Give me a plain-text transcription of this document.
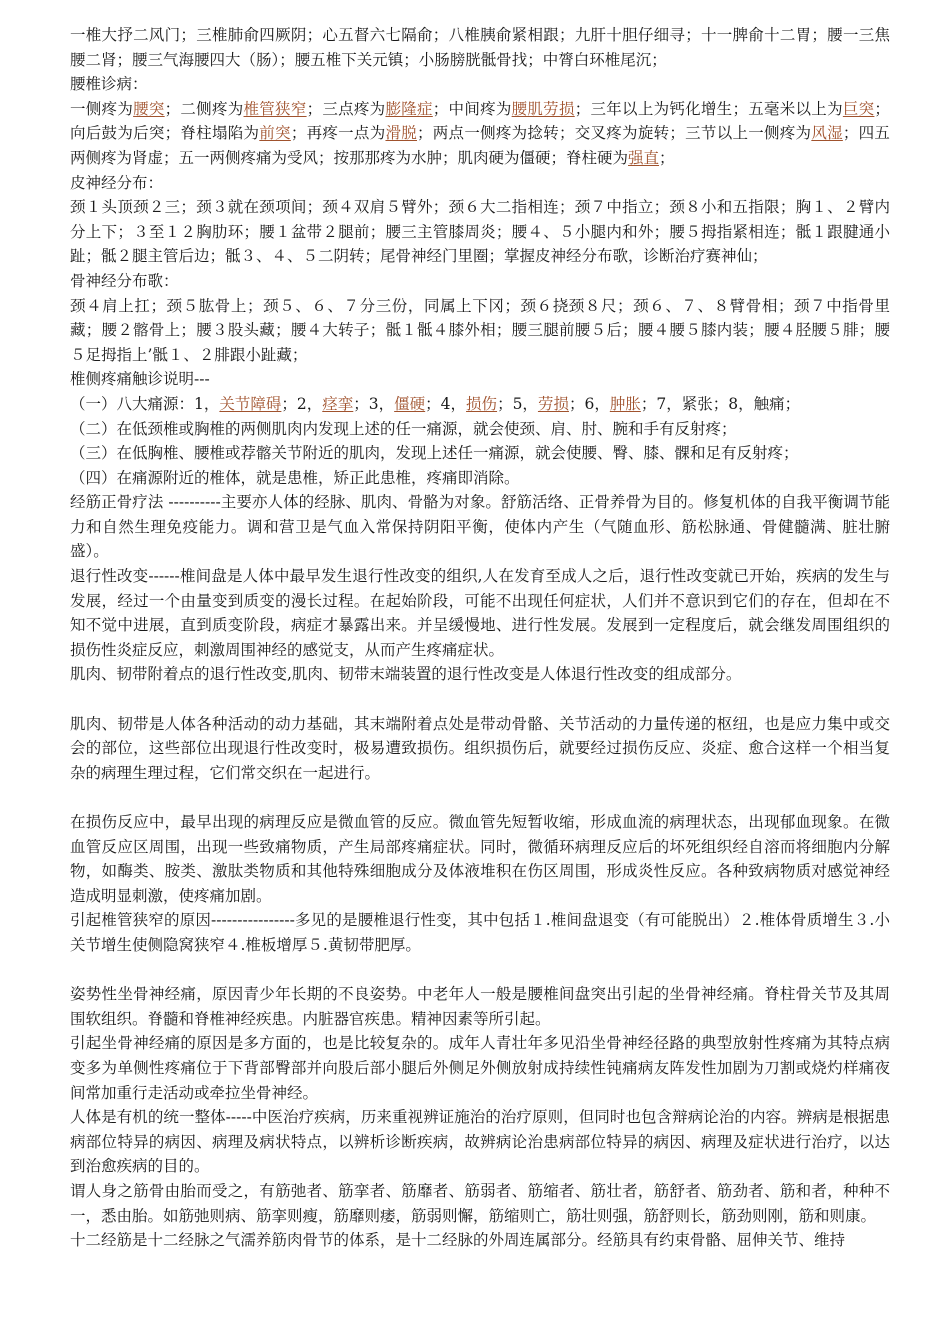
一椎大抒二风门；三椎肺俞四厥阴；心五督六七隔俞；八椎胰俞紧相跟；九肝十胆仔细寻；十一脾俞十二胃；腰一三焦腰二肾；腰三气海腰四大（肠）；腰五椎下关元镇；小肠膀胱骶骨找；中膂白环椎尾沉；

腰椎诊病：

一侧疼为腰突；二侧疼为椎管狭窄；三点疼为膨隆症；中间疼为腰肌劳损；三年以上为钙化增生；五毫米以上为巨突；向后鼓为后突；脊柱塌陷为前突；再疼一点为滑脱；两点一侧疼为捻转；交叉疼为旋转；三节以上一侧疼为风湿；四五两侧疼为肾虚；五一两侧疼痛为受风；按那那疼为水肿；肌肉硬为僵硬；脊柱硬为强直；

皮神经分布：

颈１头顶颈２三；颈３就在颈项间；颈４双肩５臂外；颈６大二指相连；颈７中指立；颈８小和五指限；胸１、２臂内分上下；３至１２胸肋环；腰１盆带２腿前；腰三主管膝周炎；腰４、５小腿内和外；腰５拇指紧相连；骶１跟腱通小趾；骶２腿主管后边；骶３、４、５二阴转；尾骨神经门里圈；掌握皮神经分布歌，诊断治疗赛神仙；

骨神经分布歌：

颈４肩上扛；颈５肱骨上；颈５、６、７分三份，同属上下冈；颈６挠颈８尺；颈６、７、８臂骨相；颈７中指骨里藏；腰２髂骨上；腰３股头藏；腰４大转子；骶１骶４膝外相；腰三腿前腰５后；腰４腰５膝内装；腰４胫腰５腓；腰５足拇指上’骶１、２腓跟小趾藏；

椎侧疼痛触诊说明---

（一）八大痛源：1，关节障碍；2，痉挛；3，僵硬；4，损伤；5，劳损；6，肿胀；7，紧张；8，触痛；

（二）在低颈椎或胸椎的两侧肌肉内发现上述的任一痛源，就会使颈、肩、肘、腕和手有反射疼；

（三）在低胸椎、腰椎或荐髂关节附近的肌肉，发现上述任一痛源，就会使腰、臀、膝、髁和足有反射疼；

（四）在痛源附近的椎体，就是患椎，矫正此患椎，疼痛即消除。

经筋正骨疗法 ----------主要亦人体的经脉、肌肉、骨骼为对象。舒筋活络、正骨养骨为目的。修复机体的自我平衡调节能力和自然生理免疫能力。调和营卫是气血入常保持阴阳平衡，使体内产生（气随血形、筋松脉通、骨健髓满、脏壮腑盛）。

退行性改变------椎间盘是人体中最早发生退行性改变的组织,人在发育至成人之后，退行性改变就已开始，疾病的发生与发展，经过一个由量变到质变的漫长过程。在起始阶段，可能不出现任何症状，人们并不意识到它们的存在，但却在不知不觉中进展，直到质变阶段，病症才暴露出来。并呈缓慢地、进行性发展。发展到一定程度后，就会继发周围组织的损伤性炎症反应，刺激周围神经的感觉支，从而产生疼痛症状。

肌肉、韧带附着点的退行性改变,肌肉、韧带末端装置的退行性改变是人体退行性改变的组成部分。

肌肉、韧带是人体各种活动的动力基础，其末端附着点处是带动骨骼、关节活动的力量传递的枢纽，也是应力集中或交会的部位，这些部位出现退行性改变时，极易遭致损伤。组织损伤后，就要经过损伤反应、炎症、愈合这样一个相当复杂的病理生理过程，它们常交织在一起进行。

在损伤反应中，最早出现的病理反应是微血管的反应。微血管先短暂收缩，形成血流的病理状态，出现郁血现象。在微血管反应区周围，出现一些致痛物质，产生局部疼痛症状。同时，微循环病理反应后的坏死组织经自溶而将细胞内分解物，如酶类、胺类、激肽类物质和其他特殊细胞成分及体液堆积在伤区周围，形成炎性反应。各种致病物质对感觉神经造成明显刺激，使疼痛加剧。

引起椎管狭窄的原因----------------多见的是腰椎退行性变，其中包括１.椎间盘退变（有可能脱出）２.椎体骨质增生３.小关节增生使侧隐窝狭窄４.椎板增厚５.黄韧带肥厚。

姿势性坐骨神经痛，原因青少年长期的不良姿势。中老年人一般是腰椎间盘突出引起的坐骨神经痛。脊柱骨关节及其周围软组织。脊髓和脊椎神经疾患。内脏器官疾患。精神因素等所引起。

引起坐骨神经痛的原因是多方面的，也是比较复杂的。成年人青壮年多见沿坐骨神经径路的典型放射性疼痛为其特点病变多为单侧性疼痛位于下背部臀部并向股后部小腿后外侧足外侧放射成持续性钝痛病友阵发性加剧为刀割或烧灼样痛夜间常加重行走活动或牵拉坐骨神经。

人体是有机的统一整体-----中医治疗疾病，历来重视辨证施治的治疗原则，但同时也包含辩病论治的内容。辨病是根据患病部位特异的病因、病理及病状特点，以辨析诊断疾病，故辨病论治患病部位特异的病因、病理及症状进行治疗，以达到治愈疾病的目的。

谓人身之筋骨由胎而受之，有筋弛者、筋挛者、筋靡者、筋弱者、筋缩者、筋壮者，筋舒者、筋劲者、筋和者，种种不一，悉由胎。如筋弛则病、筋挛则瘦，筋靡则痿，筋弱则懈，筋缩则亡，筋壮则强，筋舒则长，筋劲则刚，筋和则康。

十二经筋是十二经脉之气濡养筋肉骨节的体系，是十二经脉的外周连属部分。经筋具有约束骨骼、屈伸关节、维持
